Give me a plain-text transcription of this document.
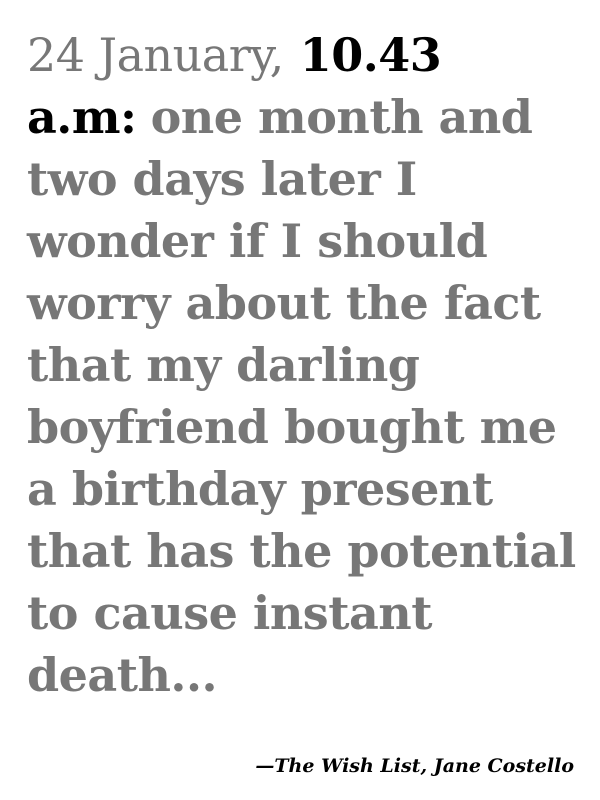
24 January, 10.43
a.m: one month and
two days later I
wonder if I should
worry about the fact
that my darling
boyfriend bought me
a birthday present
that has the potential
to cause instant
death...

—The Wish List, Jane Costello
